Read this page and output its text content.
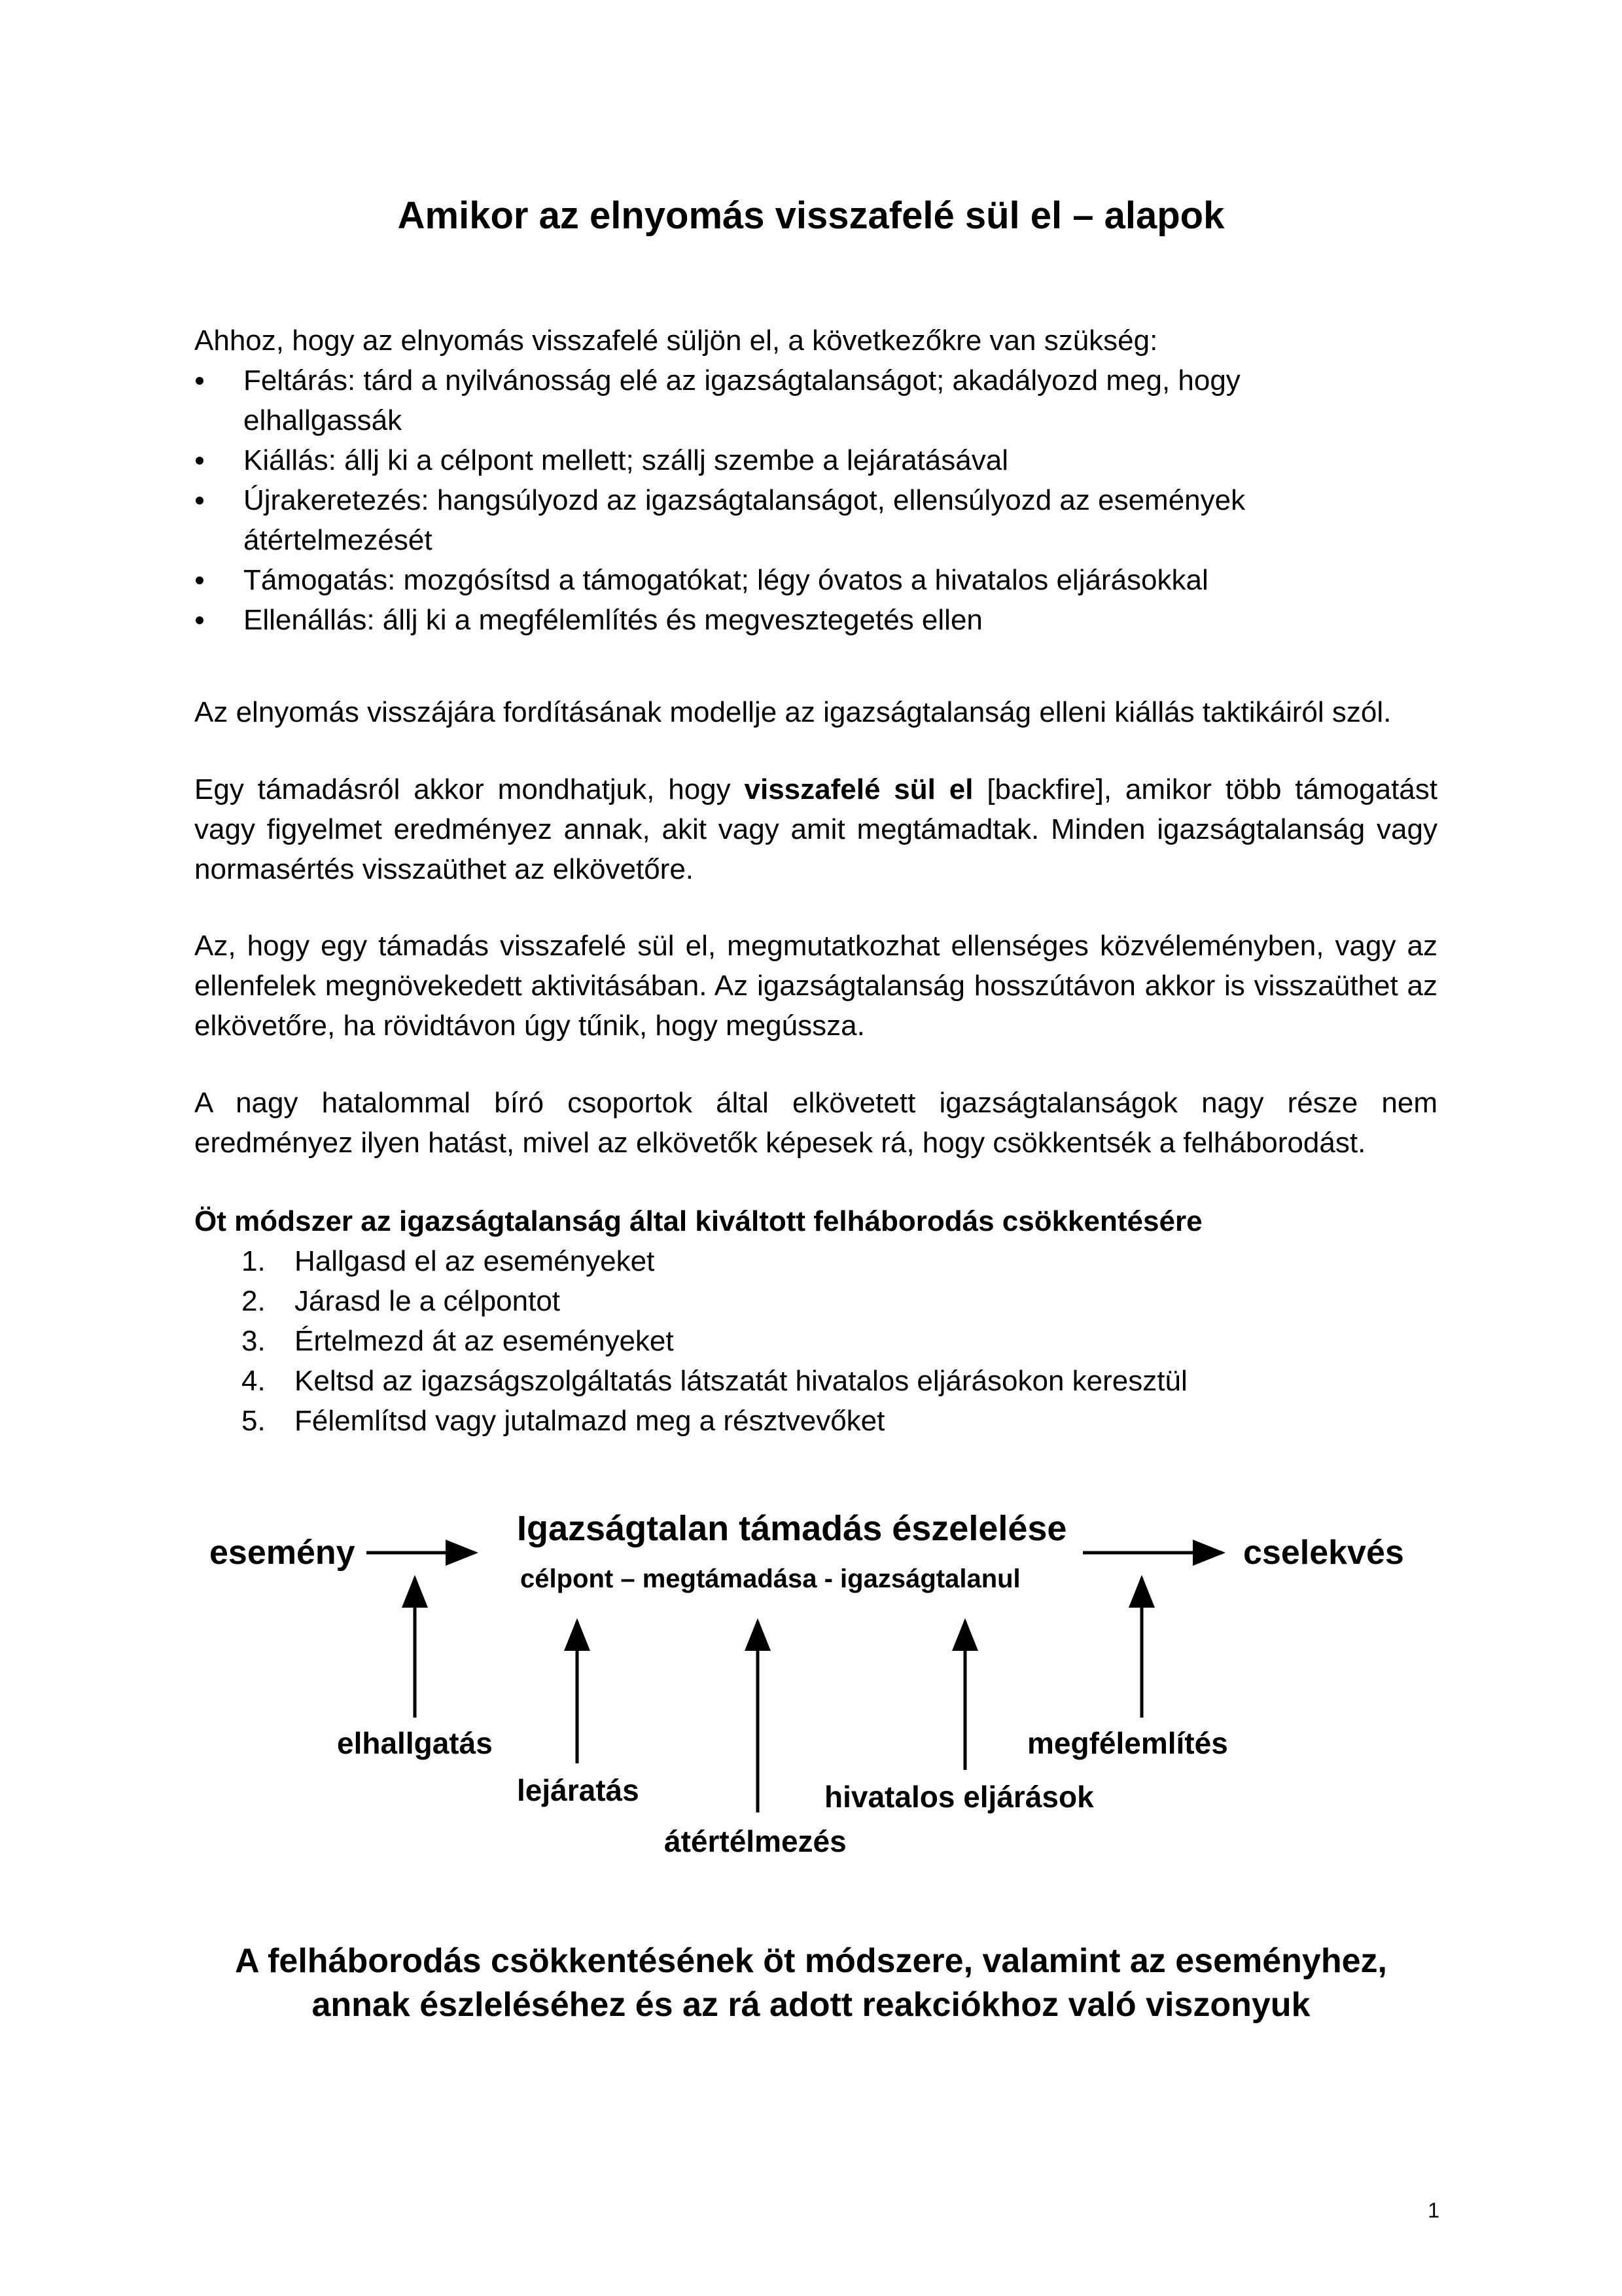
Amikor az elnyomás visszafelé sül el – alapok

Ahhoz, hogy az elnyomás visszafelé süljön el, a következőkre van szükség:

Feltárás: tárd a nyilvánosság elé az igazságtalanságot; akadályozd meg, hogy
elhallgassák
Kiállás: állj ki a célpont mellett; szállj szembe a lejáratásával
Újrakeretezés: hangsúlyozd az igazságtalanságot, ellensúlyozd az események
átértelmezését
Támogatás: mozgósítsd a támogatókat; légy óvatos a hivatalos eljárásokkal
Ellenállás: állj ki a megfélemlítés és megvesztegetés ellen

Az elnyomás visszájára fordításának modellje az igazságtalanság elleni kiállás taktikáiról szól.

Egy támadásról akkor mondhatjuk, hogy visszafelé sül el [backfire], amikor több támogatást vagy figyelmet eredményez annak, akit vagy amit megtámadtak. Minden igazságtalanság vagy normasértés visszaüthet az elkövetőre.

Az, hogy egy támadás visszafelé sül el, megmutatkozhat ellenséges közvéleményben, vagy az ellenfelek megnövekedett aktivitásában. Az igazságtalanság hosszútávon akkor is visszaüthet az elkövetőre, ha rövidtávon úgy tűnik, hogy megússza.

A nagy hatalommal bíró csoportok által elkövetett igazságtalanságok nagy része nem eredményez ilyen hatást, mivel az elkövetők képesek rá, hogy csökkentsék a felháborodást.

Öt módszer az igazságtalanság által kiváltott felháborodás csökkentésére

1. Hallgasd el az eseményeket
2. Járasd le a célpontot
3. Értelmezd át az eseményeket
4. Keltsd az igazságszolgáltatás látszatát hivatalos eljárásokon keresztül
5. Félemlítsd vagy jutalmazd meg a résztvevőket
esemény
Igazságtalan támadás észelelése
célpont – megtámadása - igazságtalanul
cselekvés
elhallgatás
lejáratás
átértélmezés
hivatalos eljárások
megfélemlítés
A felháborodás csökkentésének öt módszere, valamint az eseményhez,
annak észleléséhez és az rá adott reakciókhoz való viszonyuk
1
